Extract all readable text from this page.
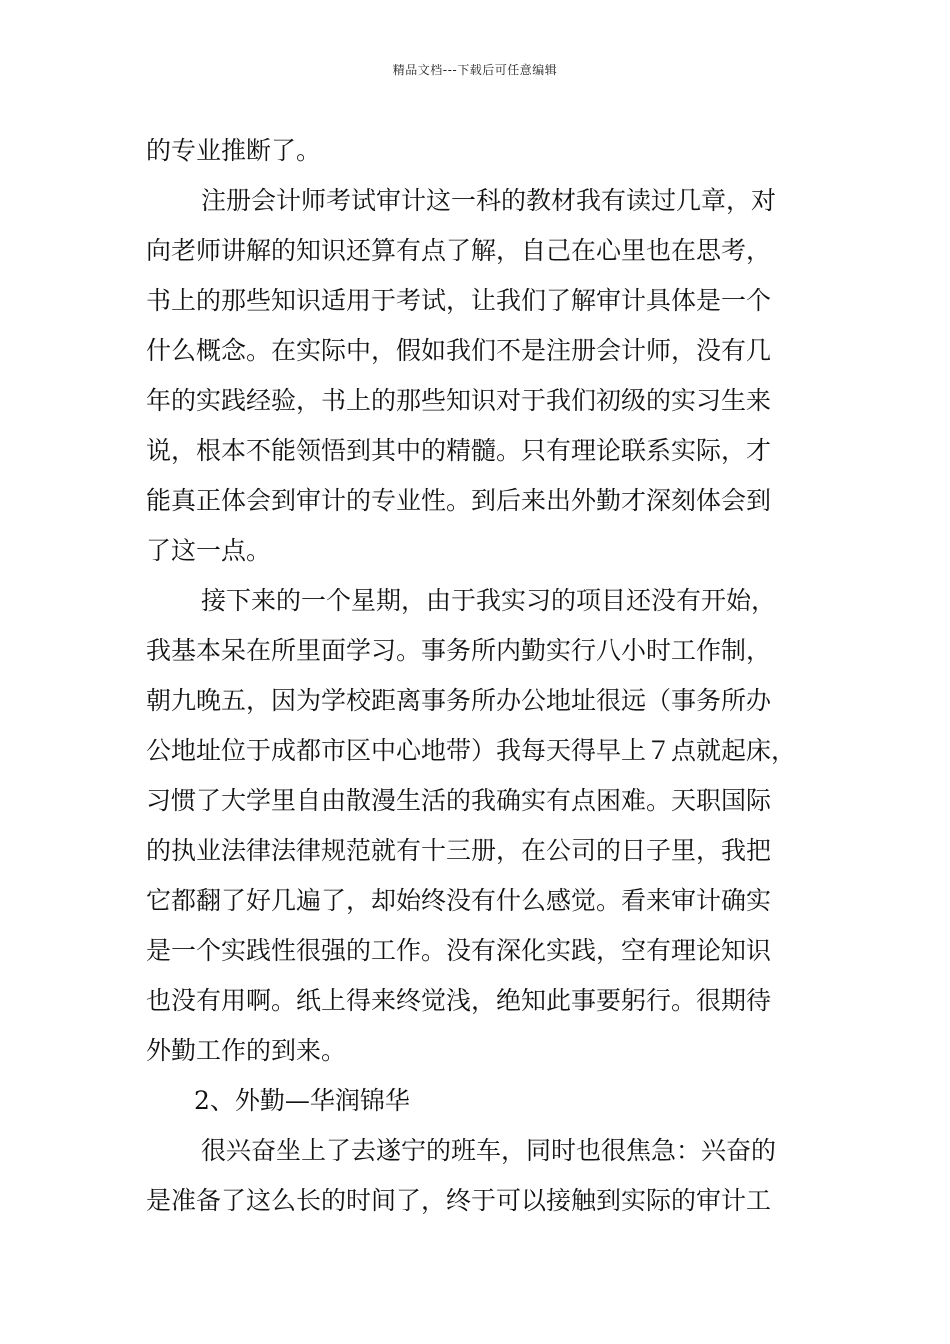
精品文档---下载后可任意编辑
的专业推断了。
注册会计师考试审计这一科的教材我有读过几章，对
向老师讲解的知识还算有点了解，自己在心里也在思考，
书上的那些知识适用于考试，让我们了解审计具体是一个
什么概念。在实际中，假如我们不是注册会计师，没有几
年的实践经验，书上的那些知识对于我们初级的实习生来
说，根本不能领悟到其中的精髓。只有理论联系实际，才
能真正体会到审计的专业性。到后来出外勤才深刻体会到
了这一点。
接下来的一个星期，由于我实习的项目还没有开始，
我基本呆在所里面学习。事务所内勤实行八小时工作制，
朝九晚五，因为学校距离事务所办公地址很远（事务所办
公地址位于成都市区中心地带）我每天得早上７点就起床，
习惯了大学里自由散漫生活的我确实有点困难。天职国际
的执业法律法律规范就有十三册，在公司的日子里，我把
它都翻了好几遍了，却始终没有什么感觉。看来审计确实
是一个实践性很强的工作。没有深化实践，空有理论知识
也没有用啊。纸上得来终觉浅，绝知此事要躬行。很期待
外勤工作的到来。
2、外勤—华润锦华
很兴奋坐上了去遂宁的班车，同时也很焦急：兴奋的
是准备了这么长的时间了，终于可以接触到实际的审计工
